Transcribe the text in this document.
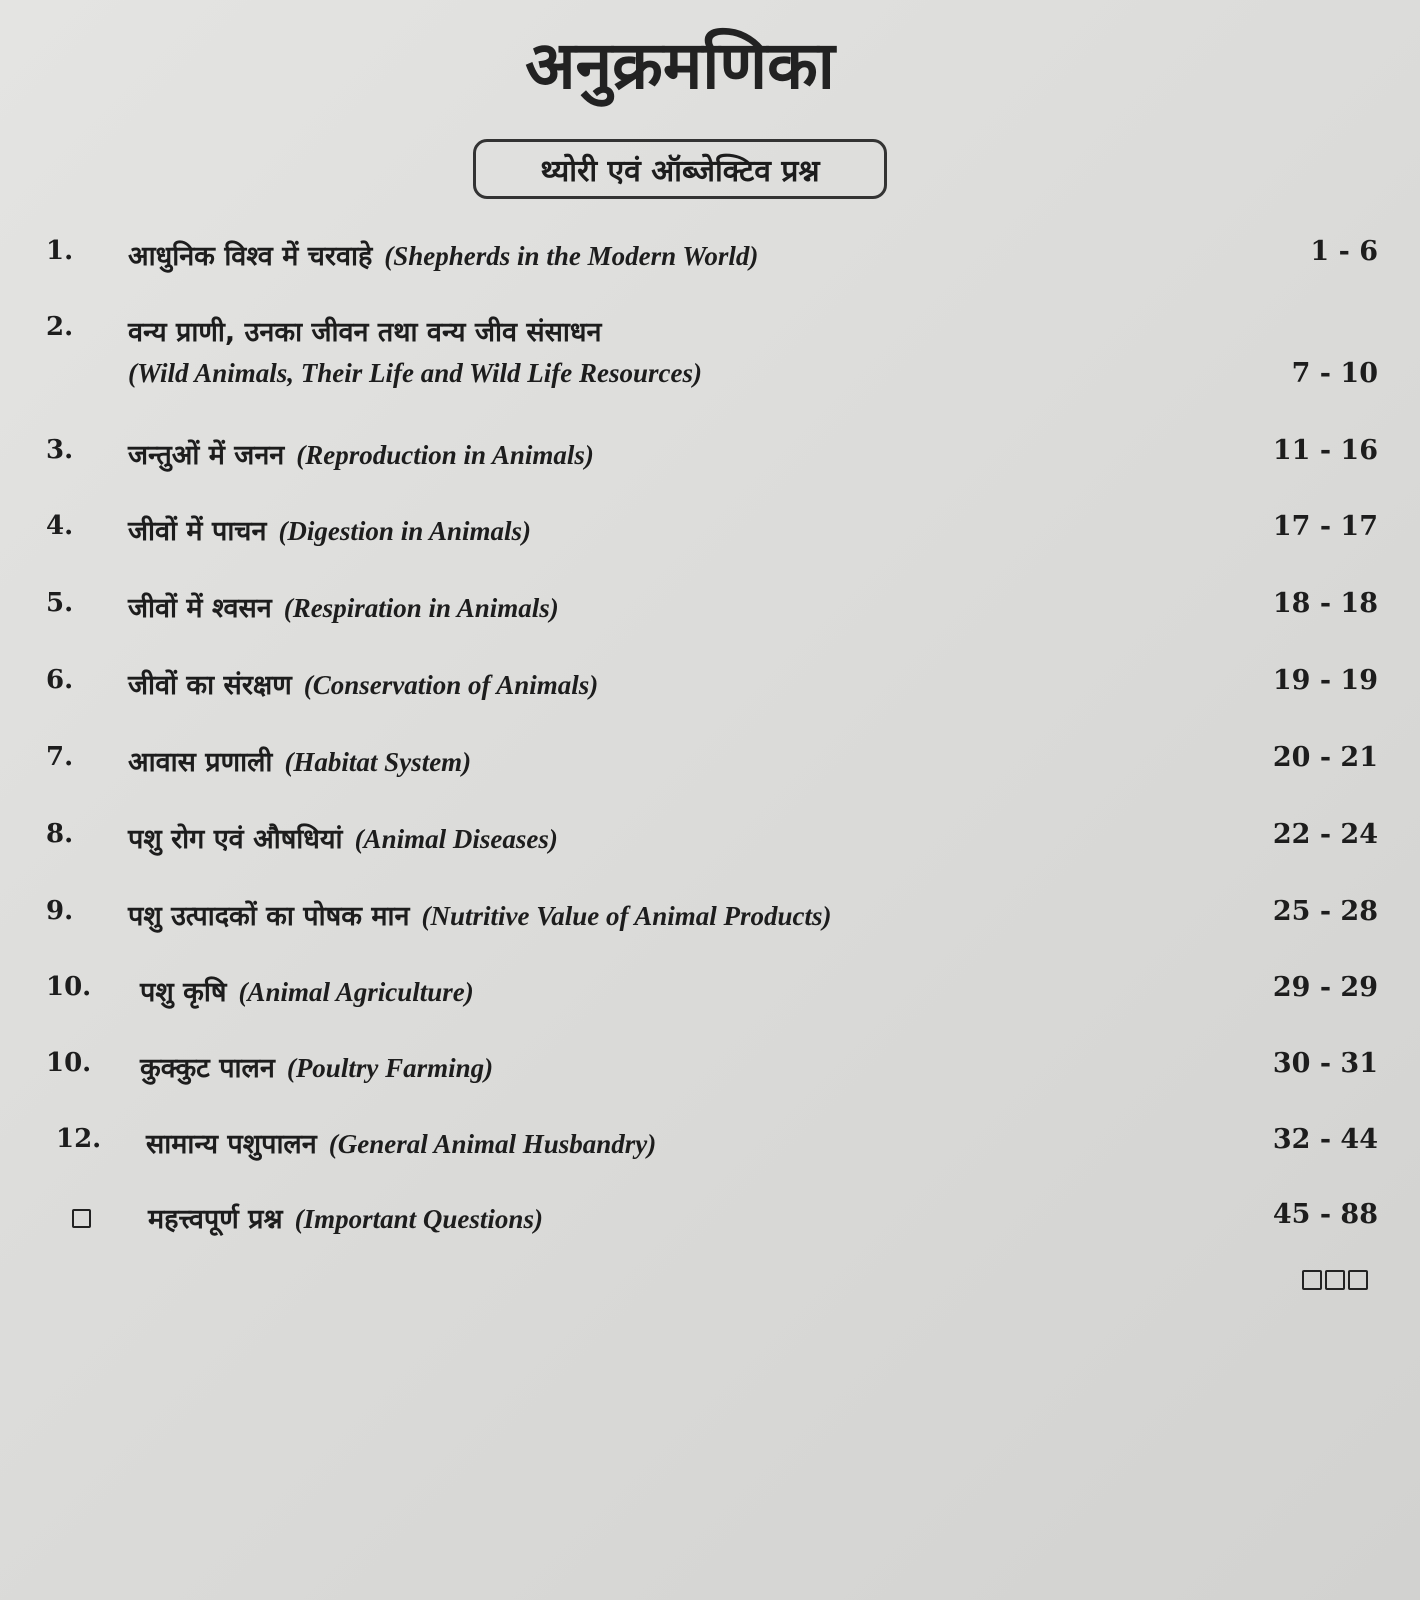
अनुक्रमणिका
थ्योरी एवं ऑब्जेक्टिव प्रश्न
1. आधुनिक विश्व में चरवाहे (Shepherds in the Modern World)	1 - 6
2. वन्य प्राणी, उनका जीवन तथा वन्य जीव संसाधन
(Wild Animals, Their Life and Wild Life Resources)	7 - 10
3. जन्तुओं में जनन (Reproduction in Animals)	11 - 16
4. जीवों में पाचन (Digestion in Animals)	17 - 17
5. जीवों में श्वसन (Respiration in Animals)	18 - 18
6. जीवों का संरक्षण (Conservation of Animals)	19 - 19
7. आवास प्रणाली (Habitat System)	20 - 21
8. पशु रोग एवं औषधियां (Animal Diseases)	22 - 24
9. पशु उत्पादकों का पोषक मान (Nutritive Value of Animal Products)	25 - 28
10. पशु कृषि (Animal Agriculture)	29 - 29
10. कुक्कुट पालन (Poultry Farming)	30 - 31
12. सामान्य पशुपालन (General Animal Husbandry)	32 - 44
महत्त्वपूर्ण प्रश्न (Important Questions)	45 - 88
